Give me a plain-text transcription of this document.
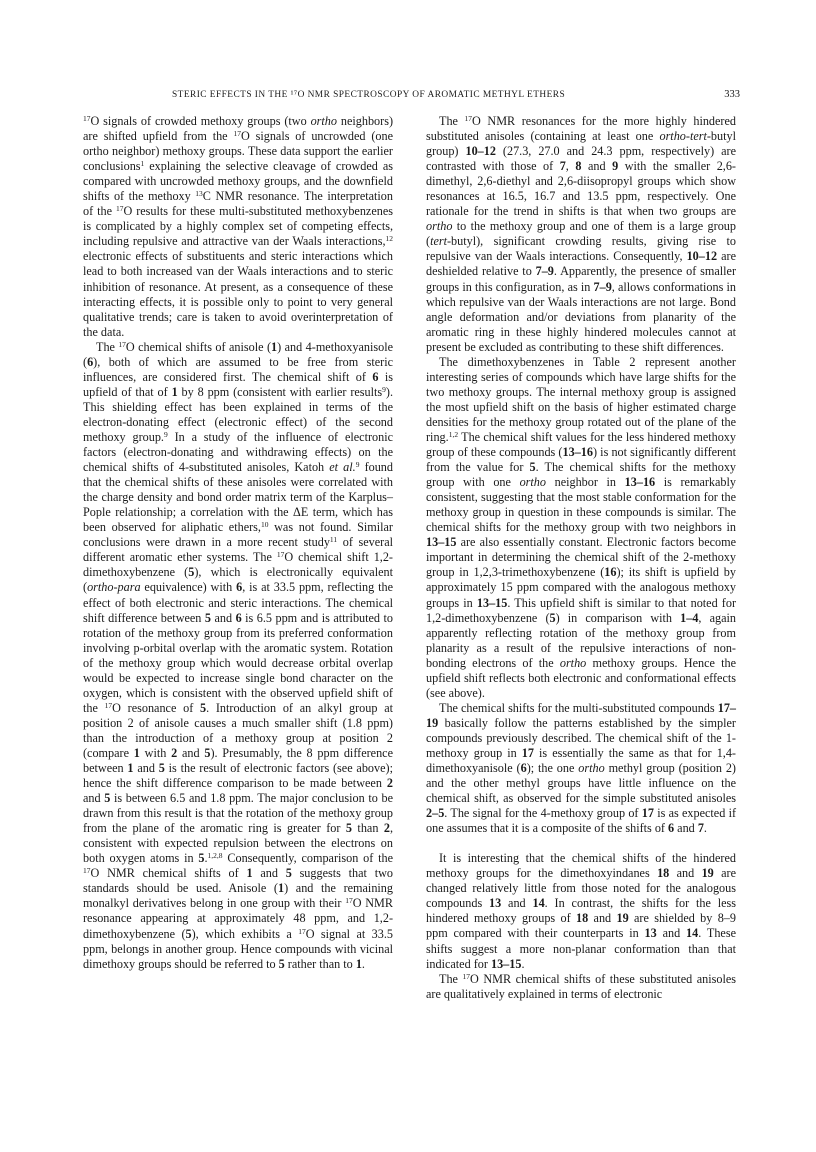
STERIC EFFECTS IN THE ¹⁷O NMR SPECTROSCOPY OF AROMATIC METHYL ETHERS	333

$^{17}$O signals of crowded methoxy groups (two ortho neighbors) are shifted upfield from the $^{17}$O signals of uncrowded (one ortho neighbor) methoxy groups. These data support the earlier conclusions$^1$ explaining the selective cleavage of crowded as compared with uncrowded methoxy groups, and the downfield shifts of the methoxy $^{13}$C NMR resonance. The interpretation of the $^{17}$O results for these multi-substituted methoxybenzenes is complicated by a highly complex set of competing effects, including repulsive and attractive van der Waals interactions,$^{12}$ electronic effects of substituents and steric interactions which lead to both increased van der Waals interactions and to steric inhibition of resonance. At present, as a consequence of these interacting effects, it is possible only to point to very general qualitative trends; care is taken to avoid overinterpretation of the data.

The $^{17}$O chemical shifts of anisole (1) and 4-methoxyanisole (6), both of which are assumed to be free from steric influences, are considered first. The chemical shift of 6 is upfield of that of 1 by 8 ppm (consistent with earlier results$^9$). This shielding effect has been explained in terms of the electron-donating effect (electronic effect) of the second methoxy group.$^9$ In a study of the influence of electronic factors (electron-donating and withdrawing effects) on the chemical shifts of 4-substituted anisoles, Katoh et al.$^9$ found that the chemical shifts of these anisoles were correlated with the charge density and bond order matrix term of the Karplus–Pople relationship; a correlation with the ΔE term, which has been observed for aliphatic ethers,$^{10}$ was not found. Similar conclusions were drawn in a more recent study$^{11}$ of several different aromatic ether systems. The $^{17}$O chemical shift 1,2-dimethoxybenzene (5), which is electronically equivalent (ortho-para equivalence) with 6, is at 33.5 ppm, reflecting the effect of both electronic and steric interactions. The chemical shift difference between 5 and 6 is 6.5 ppm and is attributed to rotation of the methoxy group from its preferred conformation involving p-orbital overlap with the aromatic system. Rotation of the methoxy group which would decrease orbital overlap would be expected to increase single bond character on the oxygen, which is consistent with the observed upfield shift of the $^{17}$O resonance of 5. Introduction of an alkyl group at position 2 of anisole causes a much smaller shift (1.8 ppm) than the introduction of a methoxy group at position 2 (compare 1 with 2 and 5). Presumably, the 8 ppm difference between 1 and 5 is the result of electronic factors (see above); hence the shift difference comparison to be made between 2 and 5 is between 6.5 and 1.8 ppm. The major conclusion to be drawn from this result is that the rotation of the methoxy group from the plane of the aromatic ring is greater for 5 than 2, consistent with expected repulsion between the electrons on both oxygen atoms in 5.$^{1,2,8}$ Consequently, comparison of the $^{17}$O NMR chemical shifts of 1 and 5 suggests that two standards should be used. Anisole (1) and the remaining monalkyl derivatives belong in one group with their $^{17}$O NMR resonance appearing at approximately 48 ppm, and 1,2-dimethoxybenzene (5), which exhibits a $^{17}$O signal at 33.5 ppm, belongs in another group. Hence compounds with vicinal dimethoxy groups should be referred to 5 rather than to 1.

The $^{17}$O NMR resonances for the more highly hindered substituted anisoles (containing at least one ortho-tert-butyl group) 10–12 (27.3, 27.0 and 24.3 ppm, respectively) are contrasted with those of 7, 8 and 9 with the smaller 2,6-dimethyl, 2,6-diethyl and 2,6-diisopropyl groups which show resonances at 16.5, 16.7 and 13.5 ppm, respectively. One rationale for the trend in shifts is that when two groups are ortho to the methoxy group and one of them is a large group (tert-butyl), significant crowding results, giving rise to repulsive van der Waals interactions. Consequently, 10–12 are deshielded relative to 7–9. Apparently, the presence of smaller groups in this configuration, as in 7–9, allows conformations in which repulsive van der Waals interactions are not large. Bond angle deformation and/or deviations from planarity of the aromatic ring in these highly hindered molecules cannot at present be excluded as contributing to these shift differences.

The dimethoxybenzenes in Table 2 represent another interesting series of compounds which have large shifts for the two methoxy groups. The internal methoxy group is assigned the most upfield shift on the basis of higher estimated charge densities for the methoxy group rotated out of the plane of the ring.$^{1,2}$ The chemical shift values for the less hindered methoxy group of these compounds (13–16) is not significantly different from the value for 5. The chemical shifts for the methoxy group with one ortho neighbor in 13–16 is remarkably consistent, suggesting that the most stable conformation for the methoxy group in question in these compounds is similar. The chemical shifts for the methoxy group with two neighbors in 13–15 are also essentially constant. Electronic factors become important in determining the chemical shift of the 2-methoxy group in 1,2,3-trimethoxybenzene (16); its shift is upfield by approximately 15 ppm compared with the analogous methoxy groups in 13–15. This upfield shift is similar to that noted for 1,2-dimethoxybenzene (5) in comparison with 1–4, again apparently reflecting rotation of the methoxy group from planarity as a result of the repulsive interactions of non-bonding electrons of the ortho methoxy groups. Hence the upfield shift reflects both electronic and conformational effects (see above).

The chemical shifts for the multi-substituted compounds 17–19 basically follow the patterns established by the simpler compounds previously described. The chemical shift of the 1-methoxy group in 17 is essentially the same as that for 1,4-dimethoxyanisole (6); the one ortho methyl group (position 2) and the other methyl groups have little influence on the chemical shift, as observed for the simple substituted anisoles 2–5. The signal for the 4-methoxy group of 17 is as expected if one assumes that it is a composite of the shifts of 6 and 7.

It is interesting that the chemical shifts of the hindered methoxy groups for the dimethoxyindanes 18 and 19 are changed relatively little from those noted for the analogous compounds 13 and 14. In contrast, the shifts for the less hindered methoxy groups of 18 and 19 are shielded by 8–9 ppm compared with their counterparts in 13 and 14. These shifts suggest a more non-planar conformation than that indicated for 13–15.

The $^{17}$O NMR chemical shifts of these substituted anisoles are qualitatively explained in terms of electronic
